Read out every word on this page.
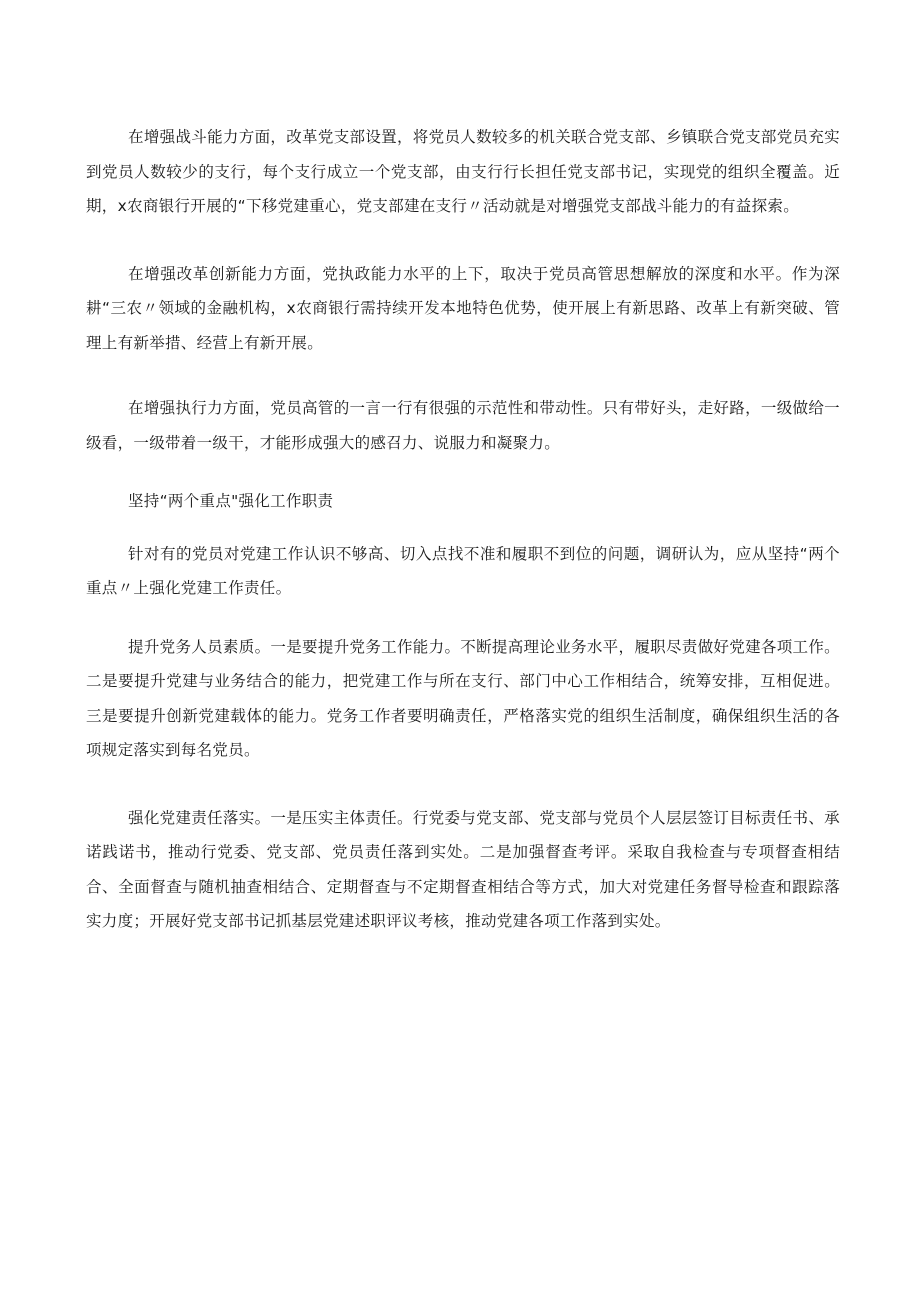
在增强战斗能力方面，改革党支部设置，将党员人数较多的机关联合党支部、乡镇联合党支部党员充实到党员人数较少的支行，每个支行成立一个党支部，由支行行长担任党支部书记，实现党的组织全覆盖。近期，x农商银行开展的“下移党建重心，党支部建在支行〃活动就是对增强党支部战斗能力的有益探索。

在增强改革创新能力方面，党执政能力水平的上下，取决于党员高管思想解放的深度和水平。作为深耕“三农〃领域的金融机构，x农商银行需持续开发本地特色优势，使开展上有新思路、改革上有新突破、管理上有新举措、经营上有新开展。

在增强执行力方面，党员高管的一言一行有很强的示范性和带动性。只有带好头，走好路，一级做给一级看，一级带着一级干，才能形成强大的感召力、说服力和凝聚力。

坚持“两个重点"强化工作职责

针对有的党员对党建工作认识不够高、切入点找不准和履职不到位的问题，调研认为，应从坚持“两个重点〃上强化党建工作责任。

提升党务人员素质。一是要提升党务工作能力。不断提高理论业务水平，履职尽责做好党建各项工作。二是要提升党建与业务结合的能力，把党建工作与所在支行、部门中心工作相结合，统筹安排，互相促进。三是要提升创新党建载体的能力。党务工作者要明确责任，严格落实党的组织生活制度，确保组织生活的各项规定落实到每名党员。

强化党建责任落实。一是压实主体责任。行党委与党支部、党支部与党员个人层层签订目标责任书、承诺践诺书，推动行党委、党支部、党员责任落到实处。二是加强督查考评。采取自我检查与专项督查相结合、全面督查与随机抽查相结合、定期督查与不定期督查相结合等方式，加大对党建任务督导检查和跟踪落实力度；开展好党支部书记抓基层党建述职评议考核，推动党建各项工作落到实处。
